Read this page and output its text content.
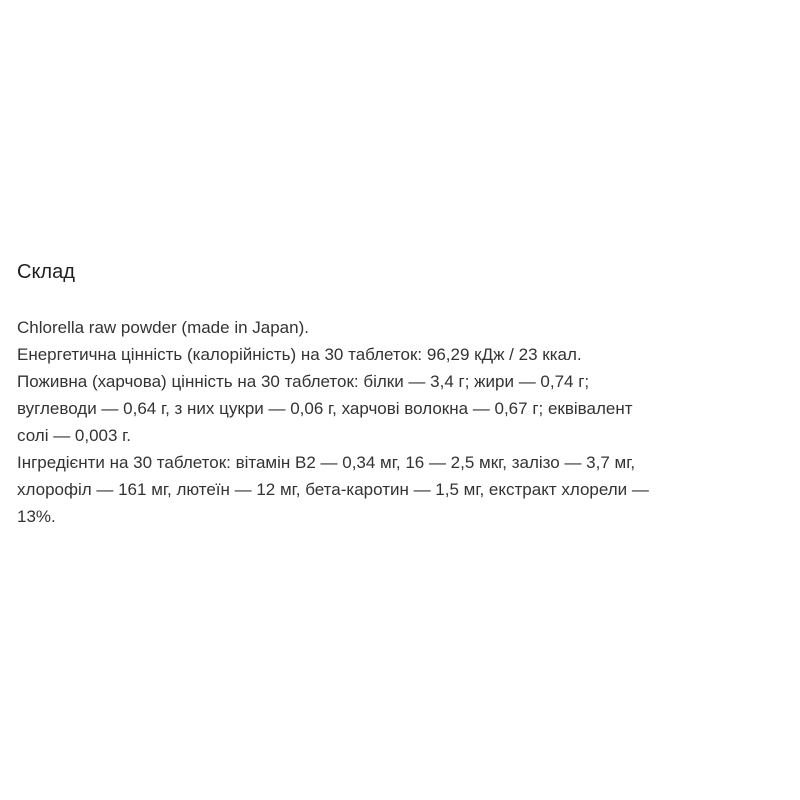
Склад
Chlorella raw powder (made in Japan).
Енергетична цінність (калорійність) на 30 таблеток: 96,29 кДж / 23 ккал.
Поживна (харчова) цінність на 30 таблеток: білки — 3,4 г; жири — 0,74 г;
вуглеводи — 0,64 г, з них цукри — 0,06 г, харчові волокна — 0,67 г; еквівалент
солі — 0,003 г.
Інгредієнти на 30 таблеток: вітамін B2 — 0,34 мг, 16 — 2,5 мкг, залізо — 3,7 мг,
хлорофіл — 161 мг, лютеїн — 12 мг, бета-каротин — 1,5 мг, екстракт хлорели —
13%.
